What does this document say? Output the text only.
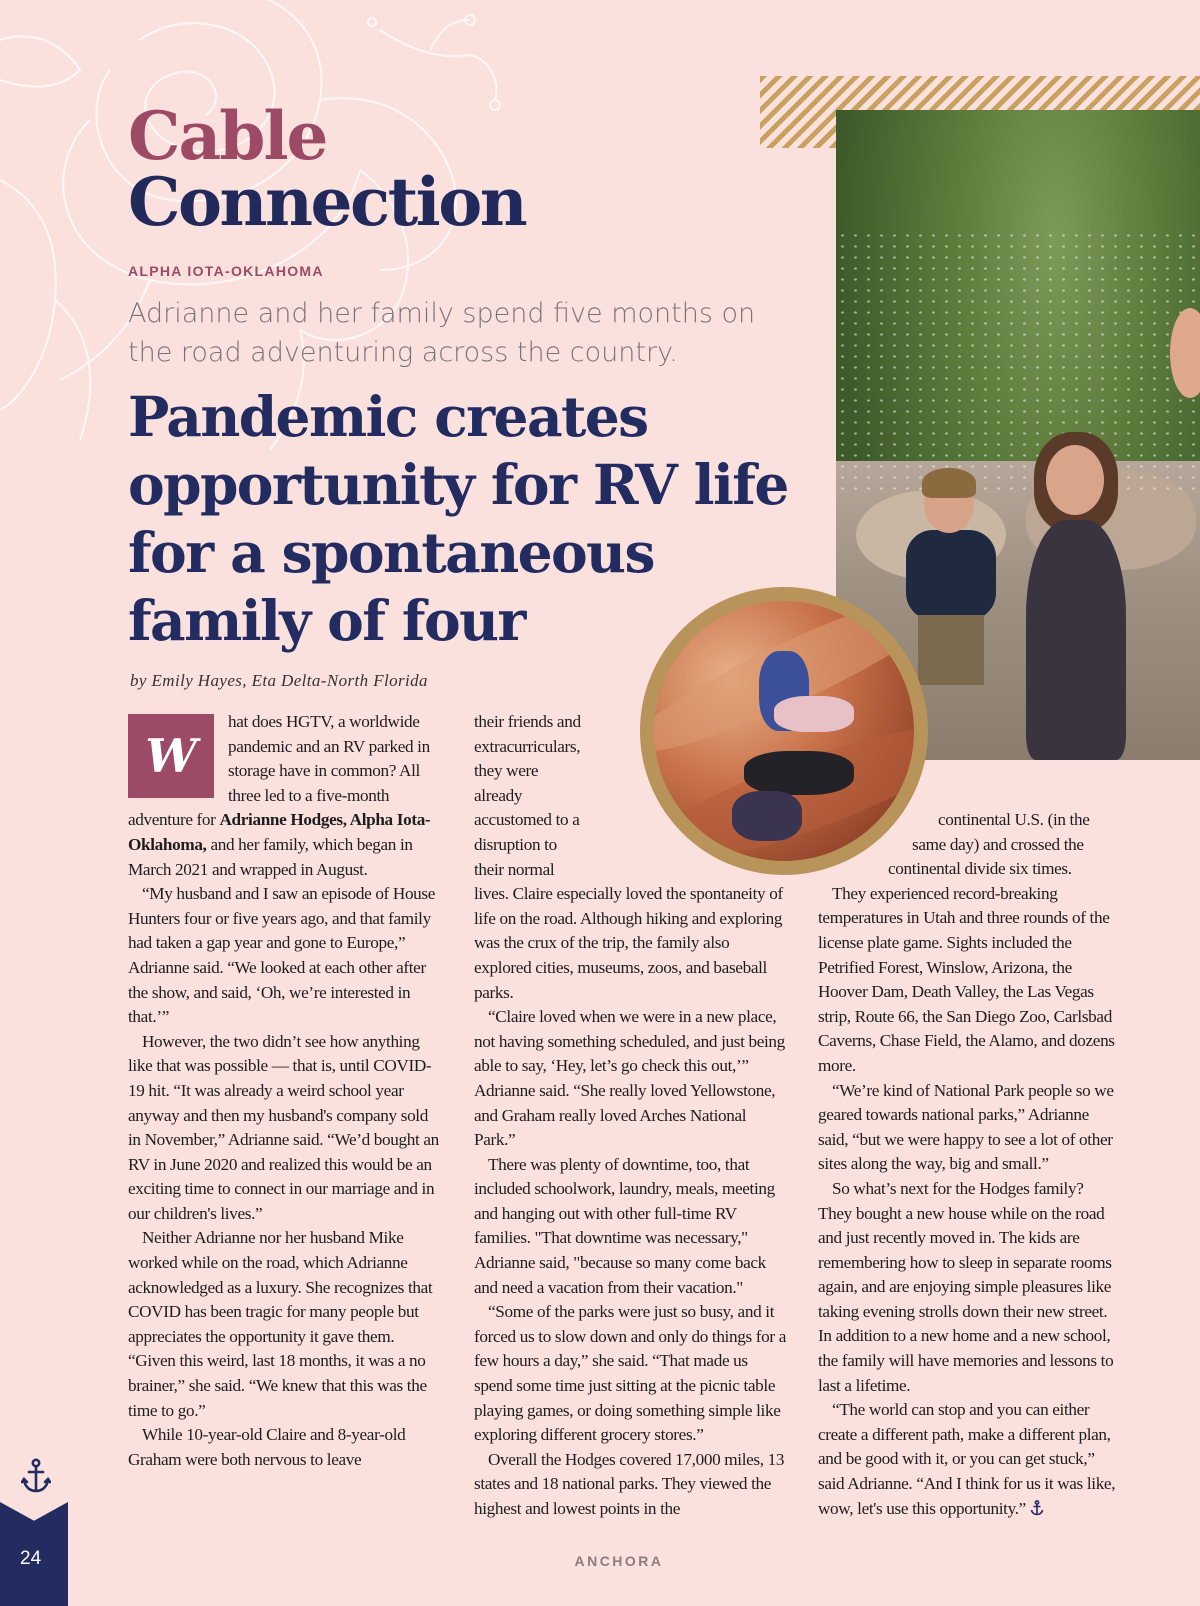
Cable
Connection
ALPHA IOTA-OKLAHOMA
Adrianne and her family spend five months on the road adventuring across the country.
Pandemic creates opportunity for RV life for a spontaneous family of four
by Emily Hayes, Eta Delta-North Florida

W
hat does HGTV, a worldwide pandemic and an RV parked in storage have in common? All three led to a five-month adventure for Adrianne Hodges, Alpha Iota-Oklahoma, and her family, which began in March 2021 and wrapped in August.

“My husband and I saw an episode of House Hunters four or five years ago, and that family had taken a gap year and gone to Europe,” Adrianne said. “We looked at each other after the show, and said, ‘Oh, we’re interested in that.’”

However, the two didn’t see how anything like that was possible — that is, until COVID-19 hit. “It was already a weird school year anyway and then my husband's company sold in November,” Adrianne said. “We’d bought an RV in June 2020 and realized this would be an exciting time to connect in our marriage and in our children's lives.”

Neither Adrianne nor her husband Mike worked while on the road, which Adrianne acknowledged as a luxury. She recognizes that COVID has been tragic for many people but appreciates the opportunity it gave them. “Given this weird, last 18 months, it was a no brainer,” she said. “We knew that this was the time to go.”

While 10-year-old Claire and 8-year-old Graham were both nervous to leave

their friends and extracurriculars, they were already accustomed to a disruption to their normal lives. Claire especially loved the spontaneity of life on the road. Although hiking and exploring was the crux of the trip, the family also explored cities, museums, zoos, and baseball parks.

“Claire loved when we were in a new place, not having something scheduled, and just being able to say, ‘Hey, let’s go check this out,’” Adrianne said. “She really loved Yellowstone, and Graham really loved Arches National Park.”

There was plenty of downtime, too, that included schoolwork, laundry, meals, meeting and hanging out with other full-time RV families. "That downtime was necessary," Adrianne said, "because so many come back and need a vacation from their vacation."

“Some of the parks were just so busy, and it forced us to slow down and only do things for a few hours a day,” she said. “That made us spend some time just sitting at the picnic table playing games, or doing something simple like exploring different grocery stores.”

Overall the Hodges covered 17,000 miles, 13 states and 18 national parks. They viewed the highest and lowest points in the

continental U.S. (in the same day) and crossed the continental divide six times.

They experienced record-breaking temperatures in Utah and three rounds of the license plate game. Sights included the Petrified Forest, Winslow, Arizona, the Hoover Dam, Death Valley, the Las Vegas strip, Route 66, the San Diego Zoo, Carlsbad Caverns, Chase Field, the Alamo, and dozens more.

“We’re kind of National Park people so we geared towards national parks,” Adrianne said, “but we were happy to see a lot of other sites along the way, big and small.”

So what’s next for the Hodges family? They bought a new house while on the road and just recently moved in. The kids are remembering how to sleep in separate rooms again, and are enjoying simple pleasures like taking evening strolls down their new street. In addition to a new home and a new school, the family will have memories and lessons to last a lifetime.

“The world can stop and you can either create a different path, make a different plan, and be good with it, or you can get stuck,” said Adrianne. “And I think for us it was like, wow, let's use this opportunity.”

24	ANCHORA
